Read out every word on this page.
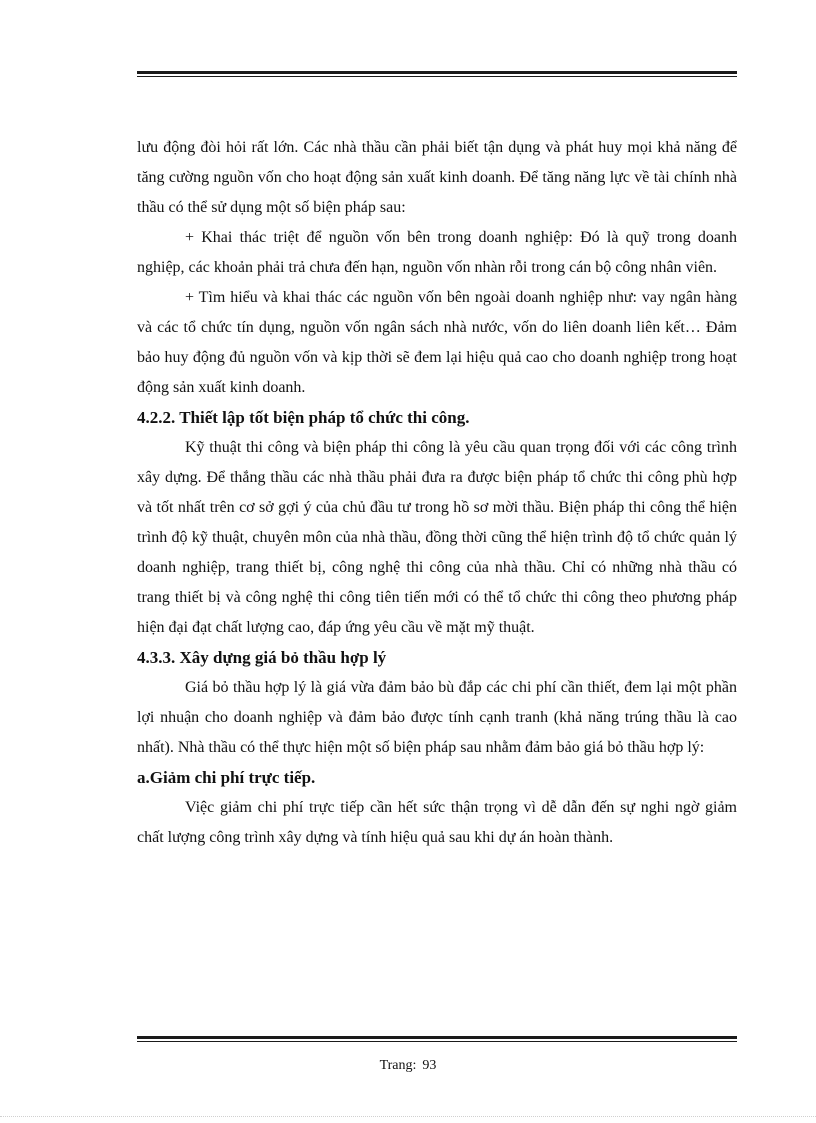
lưu động đòi hỏi rất lớn. Các nhà thầu cần phải biết tận dụng và phát huy mọi khả năng để tăng cường nguồn vốn cho hoạt động sản xuất kinh doanh. Để tăng năng lực về tài chính nhà thầu có thể sử dụng một số biện pháp sau:

+ Khai thác triệt để nguồn vốn bên trong doanh nghiệp: Đó là quỹ trong doanh nghiệp, các khoản phải trả chưa đến hạn, nguồn vốn nhàn rỗi trong cán bộ công nhân viên.

+ Tìm hiểu và khai thác các nguồn vốn bên ngoài doanh nghiệp như: vay ngân hàng và các tổ chức tín dụng, nguồn vốn ngân sách nhà nước, vốn do liên doanh liên kết… Đảm bảo huy động đủ nguồn vốn và kịp thời sẽ đem lại hiệu quả cao cho doanh nghiệp trong hoạt động sản xuất kinh doanh.

4.2.2. Thiết lập tốt biện pháp tổ chức thi công.

Kỹ thuật thi công và biện pháp thi công là yêu cầu quan trọng đối với các công trình xây dựng. Để thắng thầu các nhà thầu phải đưa ra được biện pháp tổ chức thi công phù hợp và tốt nhất trên cơ sở gợi ý của chủ đầu tư trong hồ sơ mời thầu. Biện pháp thi công thể hiện trình độ kỹ thuật, chuyên môn của nhà thầu, đồng thời cũng thể hiện trình độ tổ chức quản lý doanh nghiệp, trang thiết bị, công nghệ thi công của nhà thầu. Chỉ có những nhà thầu có trang thiết bị và công nghệ thi công tiên tiến mới có thể tổ chức thi công theo phương pháp hiện đại đạt chất lượng cao, đáp ứng yêu cầu về mặt mỹ thuật.

4.3.3. Xây dựng giá bỏ thầu hợp lý

Giá bỏ thầu hợp lý là giá vừa đảm bảo bù đắp các chi phí cần thiết, đem lại một phần lợi nhuận cho doanh nghiệp và đảm bảo được tính cạnh tranh (khả năng trúng thầu là cao nhất). Nhà thầu có thể thực hiện một số biện pháp sau nhằm đảm bảo giá bỏ thầu hợp lý:

a.Giảm chi phí trực tiếp.

Việc giảm chi phí trực tiếp cần hết sức thận trọng vì dễ dẫn đến sự nghi ngờ giảm chất lượng công trình xây dựng và tính hiệu quả sau khi dự án hoàn thành.

Trang: 93
